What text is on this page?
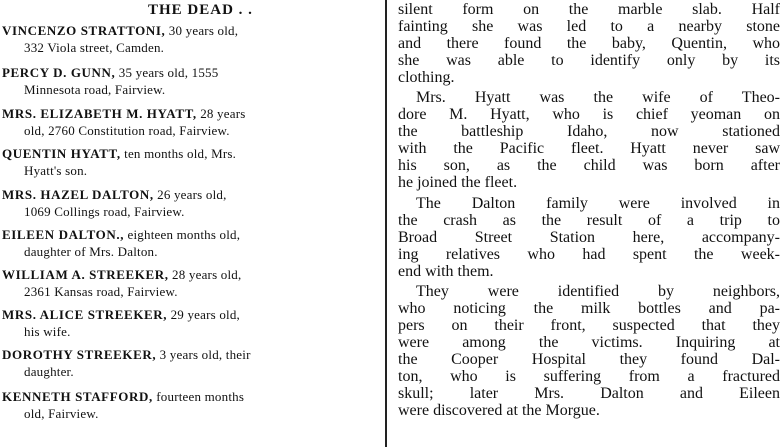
THE DEAD . .
VINCENZO STRATTONI, 30 years old,
332 Viola street, Camden.
PERCY D. GUNN, 35 years old, 1555
Minnesota road, Fairview.
MRS. ELIZABETH M. HYATT, 28 years
old, 2760 Constitution road, Fairview.
QUENTIN HYATT, ten months old, Mrs.
Hyatt's son.
MRS. HAZEL DALTON, 26 years old,
1069 Collings road, Fairview.
EILEEN DALTON., eighteen months old,
daughter of Mrs. Dalton.
WILLIAM A. STREEKER, 28 years old,
2361 Kansas road, Fairview.
MRS. ALICE STREEKER, 29 years old,
his wife.
DOROTHY STREEKER, 3 years old, their
daughter.
KENNETH STAFFORD, fourteen months
old, Fairview.
silent form on the marble slab. Half
fainting she was led to a nearby stone
and there found the baby, Quentin, who
she was able to identify only by its
clothing.
Mrs. Hyatt was the wife of Theo-
dore M. Hyatt, who is chief yeoman on
the battleship Idaho, now stationed
with the Pacific fleet. Hyatt never saw
his son, as the child was born after
he joined the fleet.
The Dalton family were involved in
the crash as the result of a trip to
Broad Street Station here, accompany-
ing relatives who had spent the week-
end with them.
They were identified by neighbors,
who noticing the milk bottles and pa-
pers on their front, suspected that they
were among the victims. Inquiring at
the Cooper Hospital they found Dal-
ton, who is suffering from a fractured
skull; later Mrs. Dalton and Eileen
were discovered at the Morgue.
